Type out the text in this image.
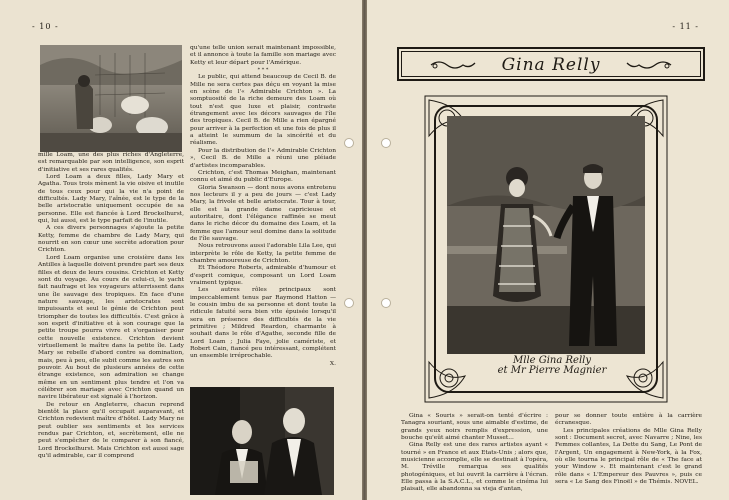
- 10 -

mille Loam, une des plus riches d'Angleterre, est remarquable par son intelligence, son esprit d'initiative et ses rares qualités.

Lord Loam a deux filles, Lady Mary et Agatha. Tous trois mènent la vie oisive et inutile de tous ceux pour qui la vie n'a point de difficultés. Lady Mary, l'aînée, est le type de la belle aristocratie uniquement occupée de sa personne. Elle est fiancée à Lord Brockelhurst, qui, lui aussi, est le type parfait de l'inutile.

A ces divers personnages s'ajoute la petite Ketty, femme de chambre de Lady Mary, qui nourrit en son cœur une secrète adoration pour Crichton.

Lord Loam organise une croisière dans les Antilles à laquelle doivent prendre part ses deux filles et deux de leurs cousins. Crichton et Ketty sont du voyage. Au cours de celui-ci, le yacht fait naufrage et les voyageurs atterrissent dans une île sauvage des tropiques. En face d'une nature sauvage, les aristocrates sont impuissants et seul le génie de Crichton peut triompher de toutes les difficultés. C'est grâce à son esprit d'initiative et à son courage que la petite troupe pourra vivre et s'organiser pour cette nouvelle existence. Crichton devient virtuellement le maître dans la petite île. Lady Mary se rebelle d'abord contre sa domination, mais, peu à peu, elle subit comme les autres son pouvoir. Au bout de plusieurs années de cette étrange existence, son admiration se change même en un sentiment plus tendre et l'on va célébrer son mariage avec Crichton quand un navire libérateur est signalé à l'horizon.

De retour en Angleterre, chacun reprend bientôt la place qu'il occupait auparavant, et Crichton redevient maître d'hôtel. Lady Mary ne peut oublier ses sentiments et les services rendus par Crichton, et, secrètement, elle ne peut s'empêcher de le comparer à son fiancé, Lord Brockelhurst. Mais Crichton est aussi sage qu'il admirable, car il comprend

qu'une telle union serait maintenant impossible, et il annonce à toute la famille son mariage avec Ketty et leur départ pour l'Amérique.

* * *

Le public, qui attend beaucoup de Cecil B. de Mille ne sera certes pas déçu en voyant la mise en scène de l'« Admirable Crichton ». La somptuosité de la riche demeure des Loam où tout n'est que luxe et plaisir, contraste étrangement avec les décors sauvages de l'île des tropiques. Cecil B. de Mille a rien épargné pour arriver à la perfection et une fois de plus il a atteint le summum de la sincérité et du réalisme.

Pour la distribution de l'« Admirable Crichton », Cecil B. de Mille a réuni une pléiade d'artistes incomparables.

Crichton, c'est Thomas Meighan, maintenant connu et aimé du public d'Europe.

Gloria Swanson — dont nous avons entretenu nos lecteurs il y a peu de jours — c'est Lady Mary, la frivole et belle aristocrate. Tour à tour, elle est la grande dame capricieuse et autoritaire, dont l'élégance raffinée se meut dans le riche décor du domaine des Loam, et la femme que l'amour seul domine dans la solitude de l'île sauvage.

Nous retrouvons aussi l'adorable Lila Lee, qui interprète le rôle de Ketty, la petite femme de chambre amoureuse de Crichton.

Et Théodore Roberts, admirable d'humour et d'esprit comique, composant un Lord Loam vraiment typique.

Les autres rôles principaux sont impeccablement tenus par Raymond Hatton — le cousin imbu de sa personne et dont toute la ridicule fatuité sera bien vite épuisée lorsqu'il sera en présence des difficultés de la vie primitive ; Mildred Reardon, charmante à souhait dans le rôle d'Agathe, seconde fille de Lord Loam ; Julia Faye, jolie camériste, et Robert Cain, fiancé peu intéressant, complétent un ensemble irréprochable.

X.

- 11 -
Gina Relly
Mlle Gina Relly
et Mr Pierre Magnier

Gina « Souris » serait-on tenté d'écrire : Tanagra souriant, sous une aimable d'estime, de grands yeux noirs remplis d'expression, une bouche qu'eût aimé chanter Musset...

Gina Relly est une des rares artistes ayant « tourné » en France et aux Etats-Unis ; alors que, musicienne accomplie, elle se destinait à l'opéra, M. Tréville remarqua ses qualités photogéniques, et lui ouvrit la carrière à l'écran. Elle passa à la S.A.C.L., et comme le cinéma lui plaisait, elle abandonna sa vieja d'antan,

pour se donner toute entière à la carrière écranesque.

Les principales créations de Mlle Gina Relly sont : Document secret, avec Navarre ; Nine, les Femmes collantes, La Dette du Sang, Le Pont de l'Argent, Un engagement à New-York, à la Fox, où elle tourna le principal rôle de « The face at your Window ». Et maintenant c'est le grand rôle dans « L'Empereur des Pauvres », puis ce sera « Le Sang des Finoël » de Thémis. NOVEL.
